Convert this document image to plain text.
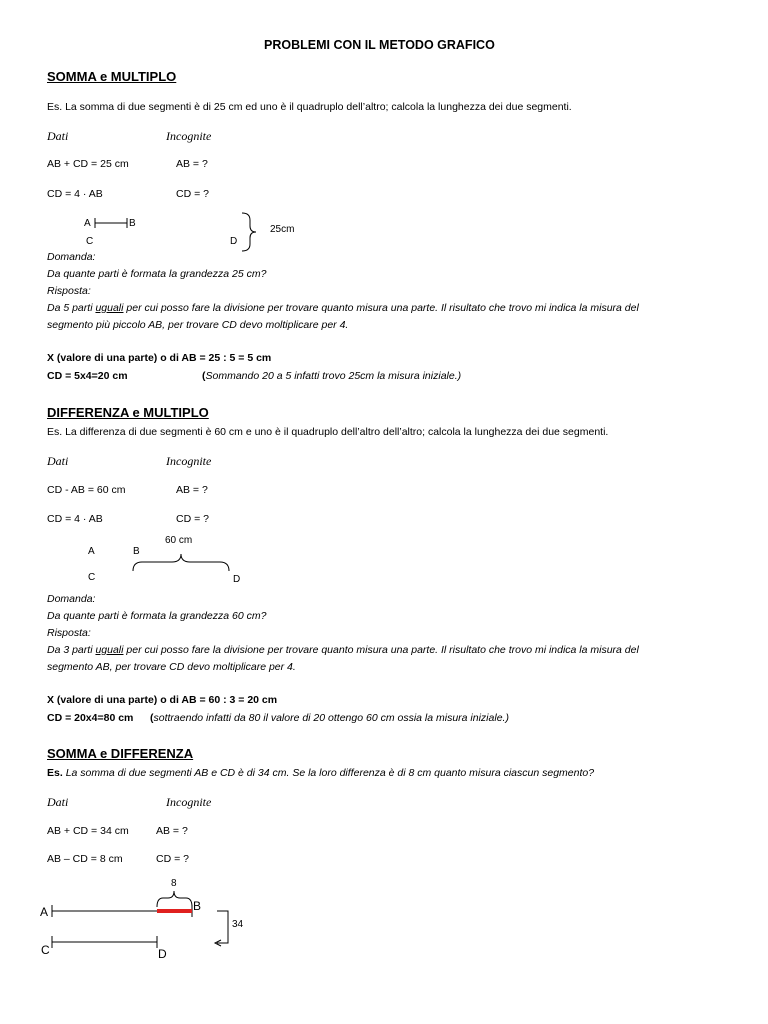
PROBLEMI CON IL METODO GRAFICO
SOMMA e MULTIPLO
Es. La somma di due segmenti è di 25 cm ed uno è il quadruplo dell’altro; calcola la lunghezza dei due segmenti.
Dati	Incognite
AB + CD = 25 cm	AB = ?
CD = 4 · AB	CD = ?
A	B
C	D
25cm
Domanda:
Da quante parti è formata la grandezza 25 cm?
Risposta:
Da 5 parti uguali per cui posso fare la divisione per trovare quanto misura una parte. Il risultato che trovo mi indica la misura del
segmento più piccolo AB, per trovare CD devo moltiplicare per 4.
X (valore di una parte) o di AB = 25 : 5 = 5 cm
CD = 5x4=20 cm	(Sommando 20 a 5 infatti trovo 25cm la misura iniziale.)
DIFFERENZA e MULTIPLO
Es. La differenza di due segmenti è 60 cm e uno è il quadruplo dell’altro dell’altro; calcola la lunghezza dei due segmenti.
Dati	Incognite
CD - AB = 60 cm	AB = ?
CD = 4 · AB	CD = ?
60 cm
A	B
C	D
Domanda:
Da quante parti è formata la grandezza 60 cm?
Risposta:
Da 3 parti uguali per cui posso fare la divisione per trovare quanto misura una parte. Il risultato che trovo mi indica la misura del
segmento AB, per trovare CD devo moltiplicare per 4.
X (valore di una parte) o di AB = 60 : 3 = 20 cm
CD = 20x4=80 cm (sottraendo infatti da 80 il valore di 20 ottengo 60 cm ossia la misura iniziale.)
SOMMA e DIFFERENZA
Es. La somma di due segmenti AB e CD è di 34 cm. Se la loro differenza è di 8 cm quanto misura ciascun segmento?
Dati	Incognite
AB + CD = 34 cm	AB = ?
AB – CD = 8 cm	CD = ?
8
A	B
34
C	D
